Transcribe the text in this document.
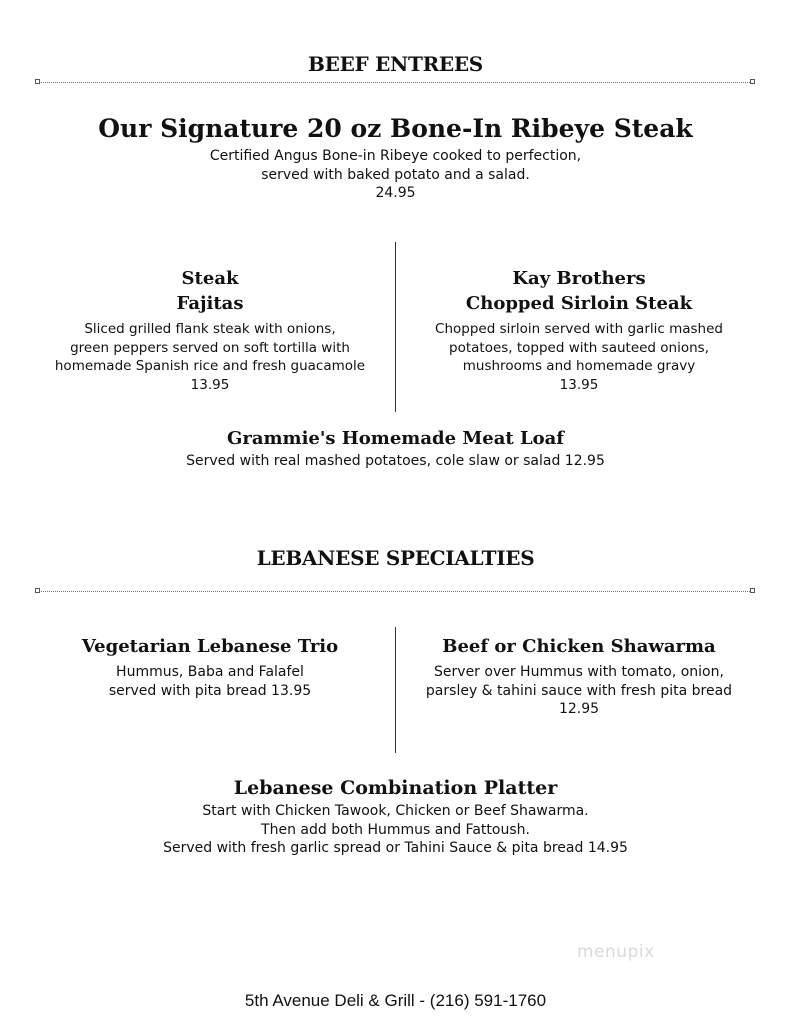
BEEF ENTREES
Our Signature 20 oz Bone-In Ribeye Steak
Certified Angus Bone-in Ribeye cooked to perfection,
served with baked potato and a salad.
24.95
Steak
Fajitas
Sliced grilled flank steak with onions,
green peppers served on soft tortilla with
homemade Spanish rice and fresh guacamole
13.95
Kay Brothers
Chopped Sirloin Steak
Chopped sirloin served with garlic mashed
potatoes, topped with sauteed onions,
mushrooms and homemade gravy
13.95
Grammie's Homemade Meat Loaf
Served with real mashed potatoes, cole slaw or salad 12.95
LEBANESE SPECIALTIES
Vegetarian Lebanese Trio
Hummus, Baba and Falafel
served with pita bread 13.95
Beef or Chicken Shawarma
Server over Hummus with tomato, onion,
parsley & tahini sauce with fresh pita bread
12.95
Lebanese Combination Platter
Start with Chicken Tawook, Chicken or Beef Shawarma.
Then add both Hummus and Fattoush.
Served with fresh garlic spread or Tahini Sauce & pita bread 14.95
menupix
5th Avenue Deli & Grill - (216) 591-1760
